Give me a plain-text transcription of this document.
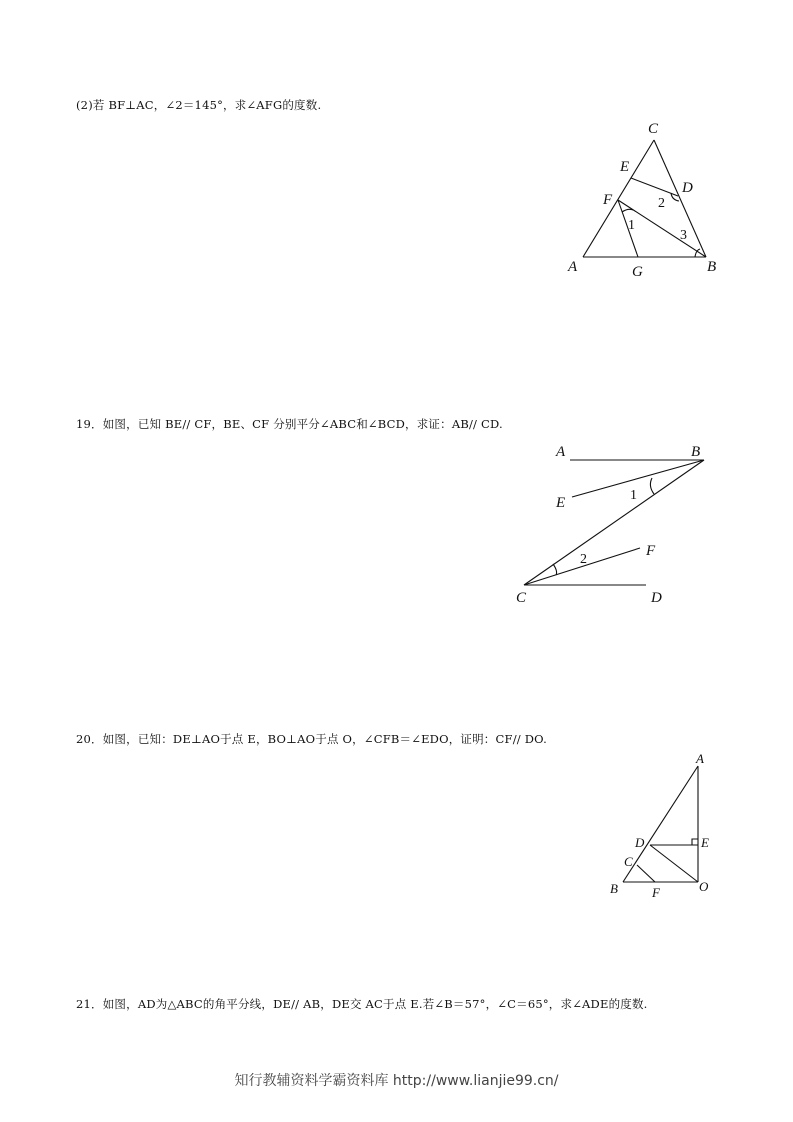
(2)若 BF⊥AC，∠2＝145°，求∠AFG的度数.
19．如图，已知 BE// CF，BE、CF 分别平分∠ABC和∠BCD，求证：AB// CD.
20．如图，已知：DE⊥AO于点 E，BO⊥AO于点 O，∠CFB＝∠EDO，证明：CF// DO.
21．如图，AD为△ABC的角平分线，DE// AB，DE交 AC于点 E.若∠B＝57°，∠C＝65°，求∠ADE的度数.
C
E
D
F
A	G	B
1
2
3
A	B
E
F
C	D
1
2
A
D	E
C
B	F	O
知行教辅资料学霸资料库 http://www.lianjie99.cn/
